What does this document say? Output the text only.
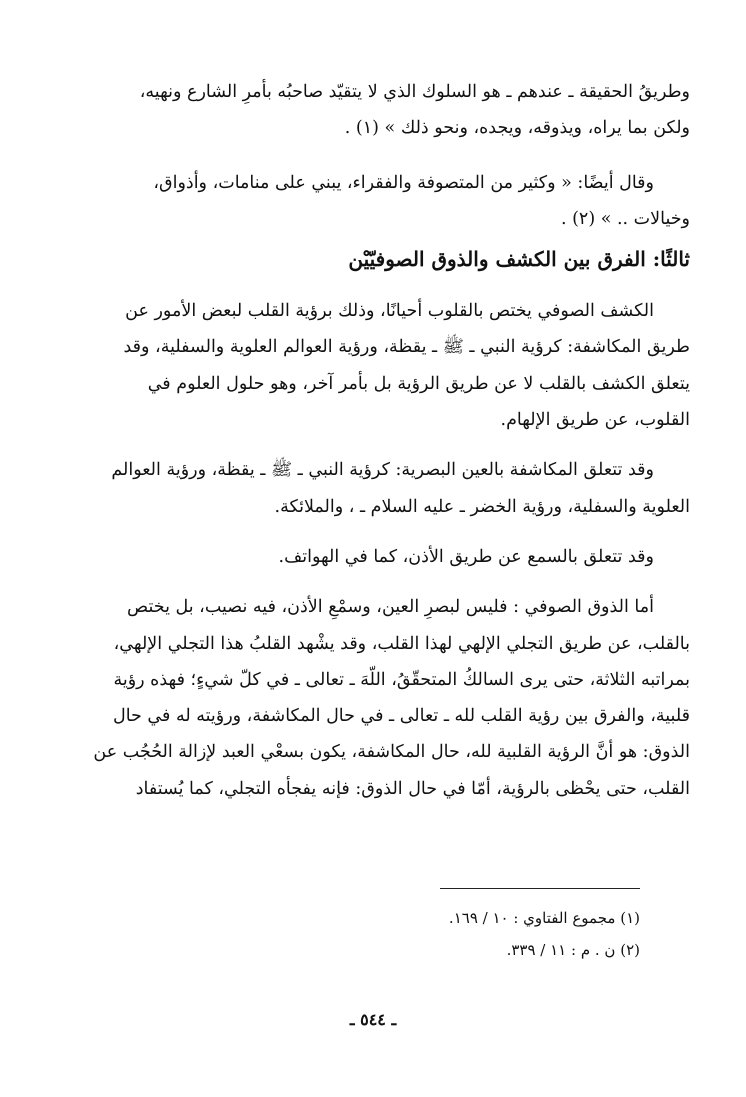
وطريقُ الحقيقة ـ عندهم ـ هو السلوك الذي لا يتقيّد صاحبُه بأمرِ الشارع ونهيه،
ولكن بما يراه، ويذوقه، ويجده، ونحو ذلك » (١) .
وقال أيضًا: « وكثير من المتصوفة والفقراء، يبني على منامات، وأذواق،
وخيالات .. » (٢) .
ثالثًا: الفرق بين الكشف والذوق الصوفيّيْن
الكشف الصوفي يختص بالقلوب أحيانًا، وذلك برؤية القلب لبعض الأمور عن
طريق المكاشفة: كرؤية النبي ـ ﷺ ـ يقظة، ورؤية العوالم العلوية والسفلية، وقد
يتعلق الكشف بالقلب لا عن طريق الرؤية بل بأمر آخر، وهو حلول العلوم في
القلوب، عن طريق الإلهام.
وقد تتعلق المكاشفة بالعين البصرية: كرؤية النبي ـ ﷺ ـ يقظة، ورؤية العوالم
العلوية والسفلية، ورؤية الخضر ـ عليه السلام ـ ، والملائكة.
وقد تتعلق بالسمع عن طريق الأذن، كما في الهواتف.
أما الذوق الصوفي : فليس لبصرِ العين، وسمْعِ الأذن، فيه نصيب، بل يختص
بالقلب، عن طريق التجلي الإلهي لهذا القلب، وقد يشْهد القلبُ هذا التجلي الإلهي،
بمراتبه الثلاثة، حتى يرى السالكُ المتحقّقُ، اللّهَ ـ تعالى ـ في كلّ شيءٍ؛ فهذه رؤية
قلبية، والفرق بين رؤية القلب لله ـ تعالى ـ في حال المكاشفة، ورؤيته له في حال
الذوق: هو أنَّ الرؤية القلبية لله، حال المكاشفة، يكون بسعْي العبد لإزالة الحُجُب عن
القلب، حتى يحْظى بالرؤية، أمّا في حال الذوق: فإنه يفجأه التجلي، كما يُستفاد
(١) مجموع الفتاوي : ١٠ / ١٦٩.
(٢) ن . م : ١١ / ٣٣٩.
ـ ٥٤٤ ـ
